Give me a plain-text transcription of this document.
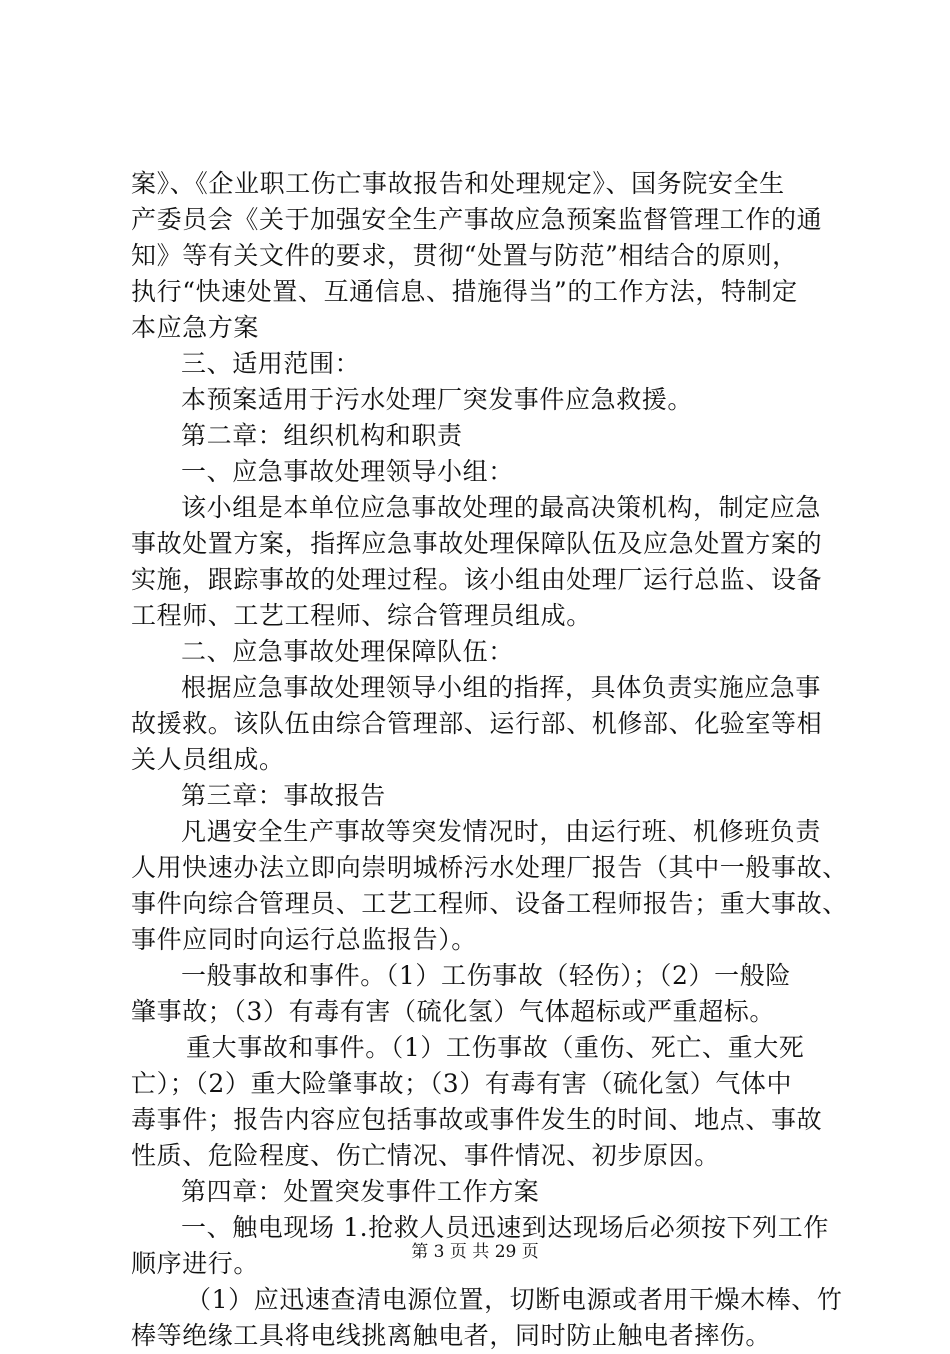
案》、《企业职工伤亡事故报告和处理规定》、国务院安全生
产委员会《关于加强安全生产事故应急预案监督管理工作的通
知》等有关文件的要求，贯彻“处置与防范”相结合的原则，
执行“快速处置、互通信息、措施得当”的工作方法，特制定
本应急方案
三、适用范围：
本预案适用于污水处理厂突发事件应急救援。
第二章：组织机构和职责
一、应急事故处理领导小组：
该小组是本单位应急事故处理的最高决策机构，制定应急
事故处置方案，指挥应急事故处理保障队伍及应急处置方案的
实施，跟踪事故的处理过程。该小组由处理厂运行总监、设备
工程师、工艺工程师、综合管理员组成。
二、应急事故处理保障队伍：
根据应急事故处理领导小组的指挥，具体负责实施应急事
故援救。该队伍由综合管理部、运行部、机修部、化验室等相
关人员组成。
第三章：事故报告
凡遇安全生产事故等突发情况时，由运行班、机修班负责
人用快速办法立即向崇明城桥污水处理厂报告（其中一般事故、
事件向综合管理员、工艺工程师、设备工程师报告；重大事故、
事件应同时向运行总监报告）。
一般事故和事件。（1）工伤事故（轻伤）；（2）一般险
肇事故；（3）有毒有害（硫化氢）气体超标或严重超标。
重大事故和事件。（1）工伤事故（重伤、死亡、重大死
亡）；（2）重大险肇事故；（3）有毒有害（硫化氢）气体中
毒事件；报告内容应包括事故或事件发生的时间、地点、事故
性质、危险程度、伤亡情况、事件情况、初步原因。
第四章：处置突发事件工作方案
一、触电现场 1.抢救人员迅速到达现场后必须按下列工作
顺序进行。
（1）应迅速查清电源位置，切断电源或者用干燥木棒、竹
棒等绝缘工具将电线挑离触电者，同时防止触电者摔伤。
第 3 页 共 29 页
